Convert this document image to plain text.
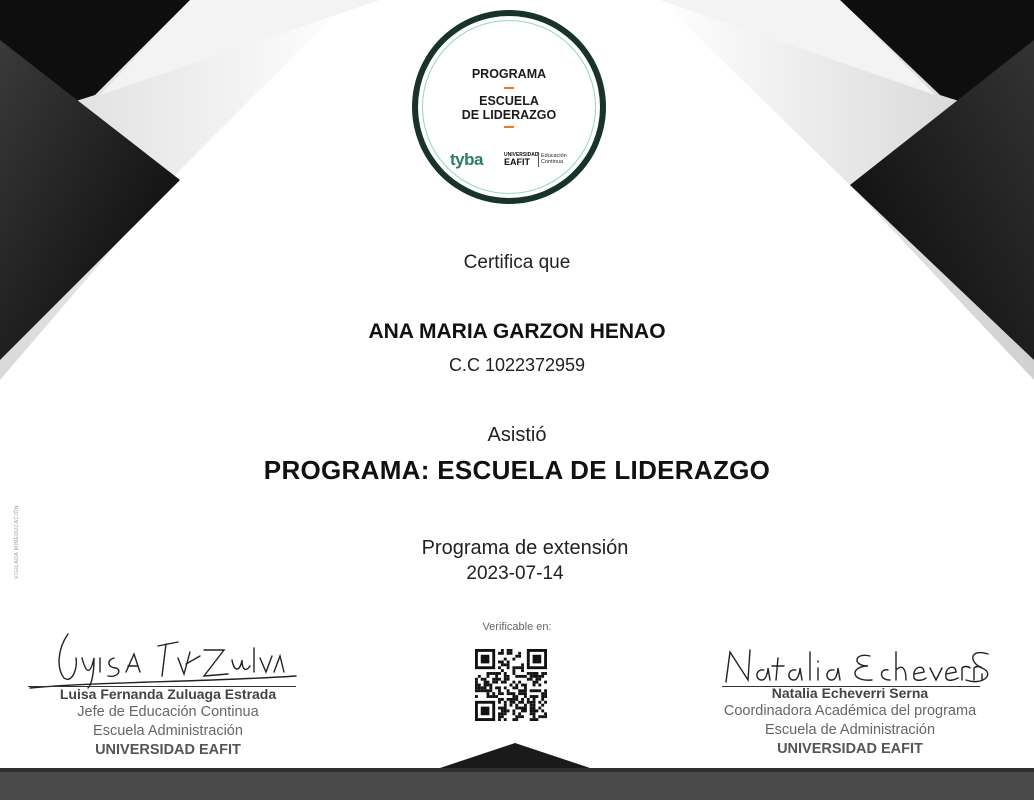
PROGRAMA
ESCUELA
DE LIDERAZGO
tyba	UNIVERSIDAD
EAFIT
Educación
Continua
Certifica que
ANA MARIA GARZON HENAO
C.C 1022372959
Asistió
PROGRAMA: ESCUELA DE LIDERAZGO
Programa de extensión
2023-07-14
VIGILADA MINEDUCACIÓN
Verificable en:
Luisa Fernanda Zuluaga Estrada
Jefe de Educación Continua
Escuela Administración
UNIVERSIDAD EAFIT
Natalia Echeverri Serna
Coordinadora Académica del programa
Escuela de Administración
UNIVERSIDAD EAFIT
